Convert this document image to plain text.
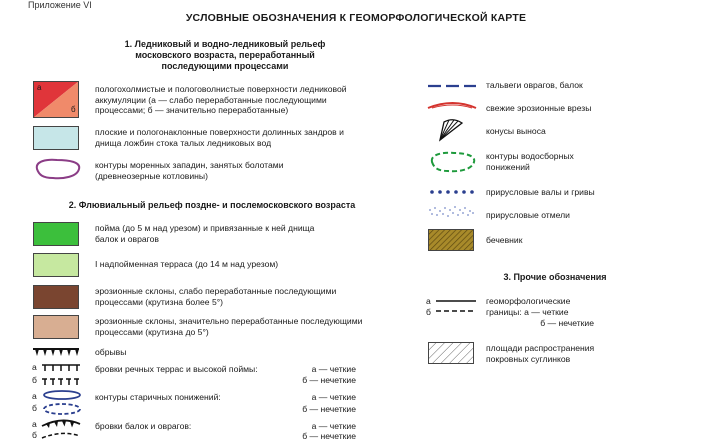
Приложение VI
УСЛОВНЫЕ ОБОЗНАЧЕНИЯ К ГЕОМОРФОЛОГИЧЕСКОЙ КАРТЕ
1. Ледниковый и водно-ледниковый рельеф
московского возраста, переработанный
последующими процессами
а
б
пологохолмистые и пологоволнистые поверхности ледниковой
аккумуляции (а — слабо переработанные последующими
процессами; б — значительно переработанные)
плоские и пологонаклонные поверхности долинных зандров и
днища ложбин стока талых ледниковых вод
контуры моренных западин, занятых болотами
(древнеозерные котловины)
2. Флювиальный рельеф поздне- и послемосковского возраста
пойма (до 5 м над урезом) и привязанные к ней днища
балок и оврагов
I надпойменная терраса (до 14 м над урезом)
эрозионные склоны, слабо переработанные последующими
процессами (крутизна более 5°)
эрозионные склоны, значительно переработанные последующими
процессами (крутизна до 5°)
обрывы
а
б
бровки речных террас и высокой поймы:	а — четкие
б — нечеткие
а
б
контуры старичных понижений:	а — четкие
б — нечеткие
а
б
бровки балок и оврагов:	а — четкие
б — нечеткие
тальвеги оврагов, балок
свежие эрозионные врезы
конусы выноса
контуры водосборных
понижений
прирусловые валы и гривы
прирусловые отмели
бечевник
3. Прочие обозначения
а
б
геоморфологические
границы: а — четкие
б — нечеткие
площади распространения
покровных суглинков
